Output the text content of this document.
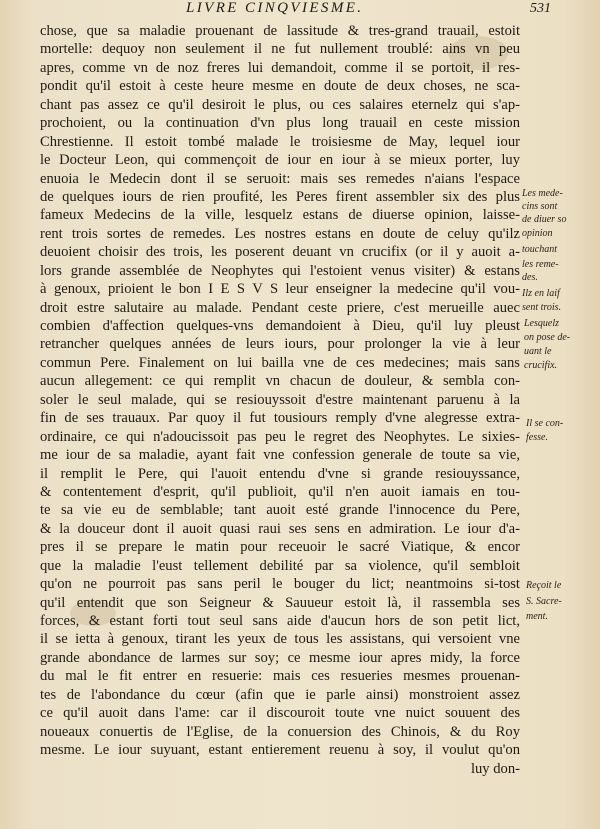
LIVRE CINQVIESME.	531
chose, que sa maladie prouenant de lassitude & tres-grand trauail, estoit
mortelle: dequoy non seulement il ne fut nullement troublé: ains vn peu
apres, comme vn de noz freres lui demandoit, comme il se portoit, il res-
pondit qu'il estoit à ceste heure mesme en doute de deux choses, ne sca-
chant pas assez ce qu'il desiroit le plus, ou ces salaires eternelz qui s'ap-
prochoient, ou la continuation d'vn plus long trauail en ceste mission
Chrestienne. Il estoit tombé malade le troisiesme de May, lequel iour
le Docteur Leon, qui commençoit de iour en iour à se mieux porter, luy
enuoia le Medecin dont il se seruoit: mais ses remedes n'aians l'espace
de quelques iours de rien proufité, les Peres firent assembler six des plus
fameux Medecins de la ville, lesquelz estans de diuerse opinion, laisse-
rent trois sortes de remedes. Les nostres estans en doute de celuy qu'ilz
deuoient choisir des trois, les poserent deuant vn crucifix (or il y auoit a-
lors grande assemblée de Neophytes qui l'estoient venus visiter) & estans
à genoux, prioient le bon I E S V S leur enseigner la medecine qu'il vou-
droit estre salutaire au malade. Pendant ceste priere, c'est merueille auec
combien d'affection quelques-vns demandoient à Dieu, qu'il luy pleust
retrancher quelques années de leurs iours, pour prolonger la vie à leur
commun Pere. Finalement on lui bailla vne de ces medecines; mais sans
aucun allegement: ce qui remplit vn chacun de douleur, & sembla con-
soler le seul malade, qui se resiouyssoit d'estre maintenant paruenu à la
fin de ses trauaux. Par quoy il fut tousiours remply d'vne alegresse extra-
ordinaire, ce qui n'adoucissoit pas peu le regret des Neophytes. Le sixies-
me iour de sa maladie, ayant fait vne confession generale de toute sa vie,
il remplit le Pere, qui l'auoit entendu d'vne si grande resiouyssance,
& contentement d'esprit, qu'il publioit, qu'il n'en auoit iamais en tou-
te sa vie eu de semblable; tant auoit esté grande l'innocence du Pere,
& la douceur dont il auoit quasi raui ses sens en admiration. Le iour d'a-
pres il se prepare le matin pour receuoir le sacré Viatique, & encor
que la maladie l'eust tellement debilité par sa violence, qu'il sembloit
qu'on ne pourroit pas sans peril le bouger du lict; neantmoins si-tost
qu'il entendit que son Seigneur & Sauueur estoit là, il rassembla ses
forces, & estant forti tout seul sans aide d'aucun hors de son petit lict,
il se ietta à genoux, tirant les yeux de tous les assistans, qui versoient vne
grande abondance de larmes sur soy; ce mesme iour apres midy, la force
du mal le fit entrer en resuerie: mais ces resueries mesmes prouenan-
tes de l'abondance du cœur (afin que ie parle ainsi) monstroient assez
ce qu'il auoit dans l'ame: car il discouroit toute vne nuict souuent des
noueaux conuertis de l'Eglise, de la conuersion des Chinois, & du Roy
mesme. Le iour suyuant, estant entierement reuenu à soy, il voulut qu'on
luy don-
Les mede-
cins sont
de diuer so
opinion
touchant
les reme-
des.
Ilz en laif
sent trois.
Lesquelz
on pose de-
uant le
crucifix.
Il se con-
fesse.
Reçoit le
S. Sacre-
ment.
